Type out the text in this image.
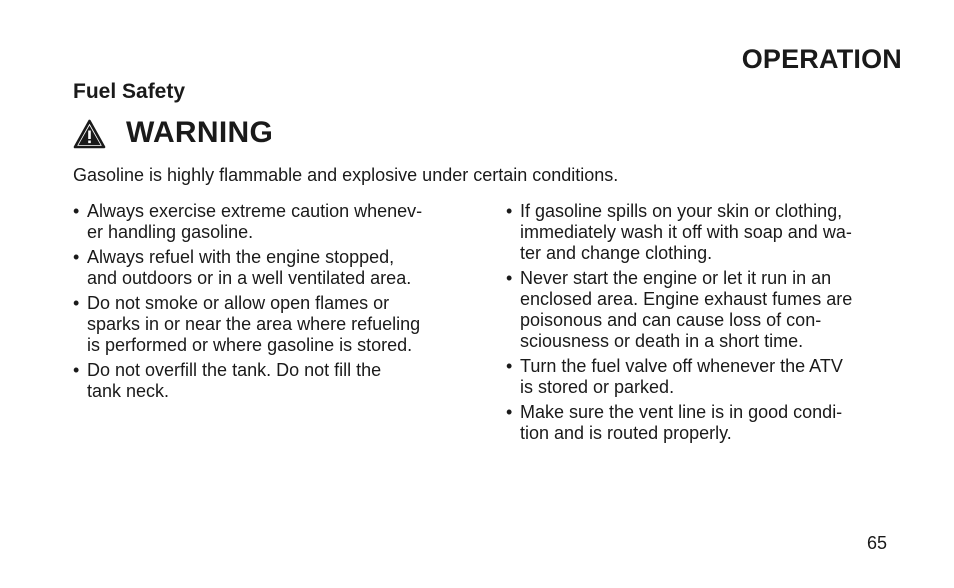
OPERATION
Fuel Safety
WARNING

Gasoline is highly flammable and explosive under certain conditions.

• Always exercise extreme caution whenev-
er handling gasoline.
• Always refuel with the engine stopped,
and outdoors or in a well ventilated area.
• Do not smoke or allow open flames or
sparks in or near the area where refueling
is performed or where gasoline is stored.
• Do not overfill the tank. Do not fill the
tank neck.
• If gasoline spills on your skin or clothing,
immediately wash it off with soap and wa-
ter and change clothing.
• Never start the engine or let it run in an
enclosed area. Engine exhaust fumes are
poisonous and can cause loss of con-
sciousness or death in a short time.
• Turn the fuel valve off whenever the ATV
is stored or parked.
• Make sure the vent line is in good condi-
tion and is routed properly.

65
